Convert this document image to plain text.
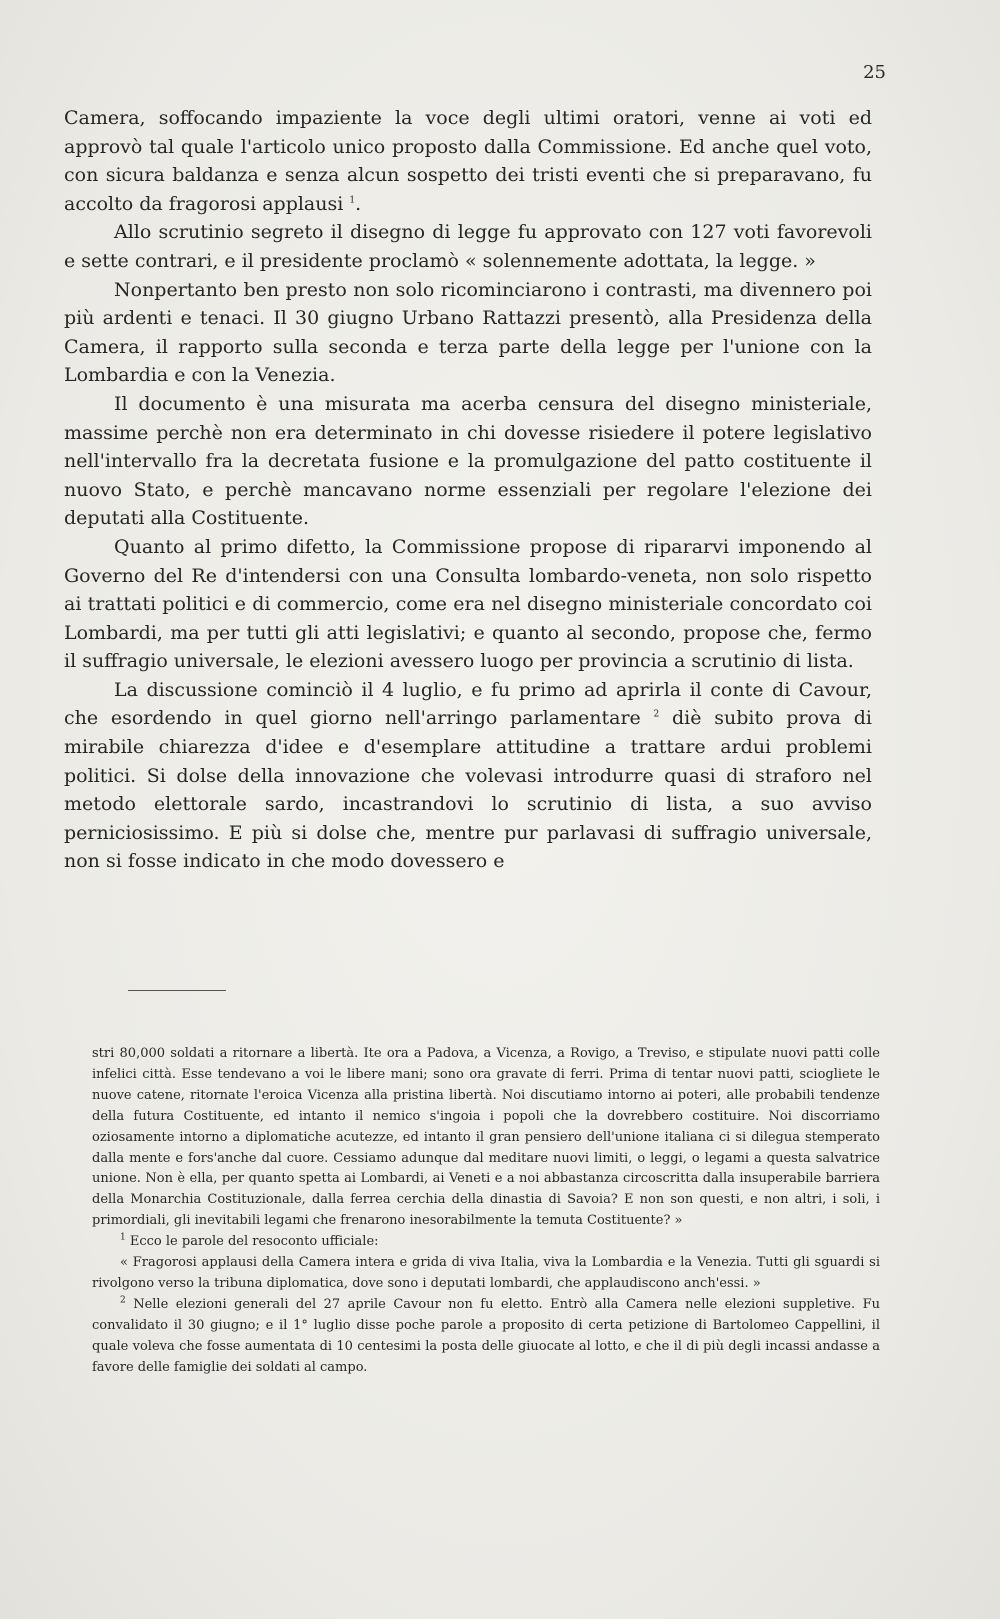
25

Camera, soffocando impaziente la voce degli ultimi oratori, venne ai voti ed approvò tal quale l'articolo unico proposto dalla Commissione. Ed anche quel voto, con sicura baldanza e senza alcun sospetto dei tristi eventi che si preparavano, fu accolto da fragorosi applausi $^1$.

Allo scrutinio segreto il disegno di legge fu approvato con 127 voti favorevoli e sette contrari, e il presidente proclamò « solennemente adottata, la legge. »

Nonpertanto ben presto non solo ricominciarono i contrasti, ma divennero poi più ardenti e tenaci. Il 30 giugno Urbano Rattazzi presentò, alla Presidenza della Camera, il rapporto sulla seconda e terza parte della legge per l'unione con la Lombardia e con la Venezia.

Il documento è una misurata ma acerba censura del disegno ministeriale, massime perchè non era determinato in chi dovesse risiedere il potere legislativo nell'intervallo fra la decretata fusione e la promulgazione del patto costituente il nuovo Stato, e perchè mancavano norme essenziali per regolare l'elezione dei deputati alla Costituente.

Quanto al primo difetto, la Commissione propose di ripararvi imponendo al Governo del Re d'intendersi con una Consulta lombardo-veneta, non solo rispetto ai trattati politici e di commercio, come era nel disegno ministeriale concordato coi Lombardi, ma per tutti gli atti legislativi; e quanto al secondo, propose che, fermo il suffragio universale, le elezioni avessero luogo per provincia a scrutinio di lista.

La discussione cominciò il 4 luglio, e fu primo ad aprirla il conte di Cavour, che esordendo in quel giorno nell'arringo parlamentare $^2$ diè subito prova di mirabile chiarezza d'idee e d'esemplare attitudine a trattare ardui problemi politici. Si dolse della innovazione che volevasi introdurre quasi di straforo nel metodo elettorale sardo, incastrandovi lo scrutinio di lista, a suo avviso perniciosissimo. E più si dolse che, mentre pur parlavasi di suffragio universale, non si fosse indicato in che modo dovessero e

stri 80,000 soldati a ritornare a libertà. Ite ora a Padova, a Vicenza, a Rovigo, a Treviso, e stipulate nuovi patti colle infelici città. Esse tendevano a voi le libere mani; sono ora gravate di ferri. Prima di tentar nuovi patti, sciogliete le nuove catene, ritornate l'eroica Vicenza alla pristina libertà. Noi discutiamo intorno ai poteri, alle probabili tendenze della futura Costituente, ed intanto il nemico s'ingoia i popoli che la dovrebbero costituire. Noi discorriamo oziosamente intorno a diplomatiche acutezze, ed intanto il gran pensiero dell'unione italiana ci si dilegua stemperato dalla mente e fors'anche dal cuore. Cessiamo adunque dal meditare nuovi limiti, o leggi, o legami a questa salvatrice unione. Non è ella, per quanto spetta ai Lombardi, ai Veneti e a noi abbastanza circoscritta dalla insuperabile barriera della Monarchia Costituzionale, dalla ferrea cerchia della dinastia di Savoia? E non son questi, e non altri, i soli, i primordiali, gli inevitabili legami che frenarono inesorabilmente la temuta Costituente? »

$^1$ Ecco le parole del resoconto ufficiale:

« Fragorosi applausi della Camera intera e grida di viva Italia, viva la Lombardia e la Venezia. Tutti gli sguardi si rivolgono verso la tribuna diplomatica, dove sono i deputati lombardi, che applaudiscono anch'essi. »

$^2$ Nelle elezioni generali del 27 aprile Cavour non fu eletto. Entrò alla Camera nelle elezioni suppletive. Fu convalidato il 30 giugno; e il 1° luglio disse poche parole a proposito di certa petizione di Bartolomeo Cappellini, il quale voleva che fosse aumentata di 10 centesimi la posta delle giuocate al lotto, e che il di più degli incassi andasse a favore delle famiglie dei soldati al campo.
